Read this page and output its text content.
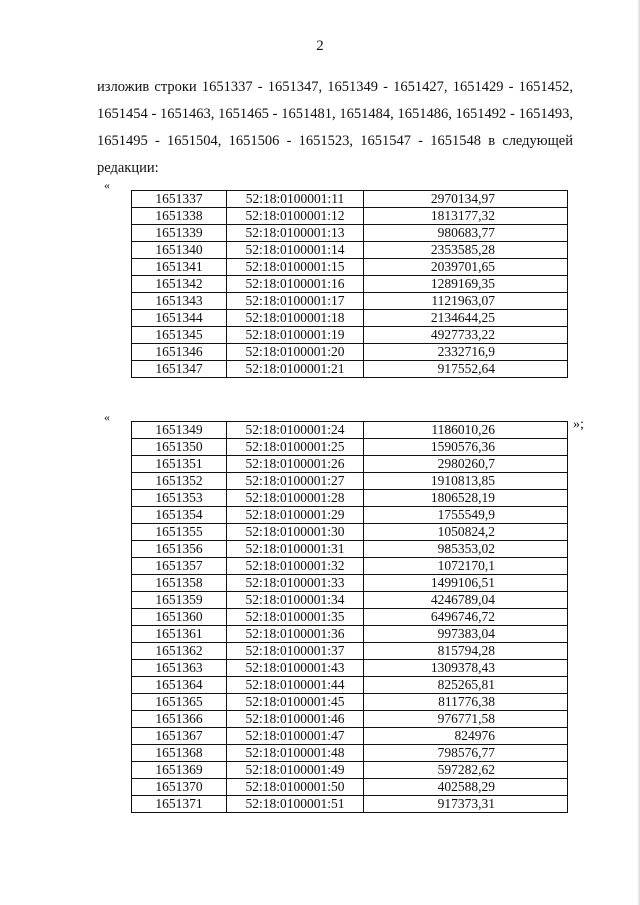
2
изложив строки 1651337 - 1651347, 1651349 - 1651427, 1651429 - 1651452,
1651454 - 1651463, 1651465 - 1651481, 1651484, 1651486, 1651492 - 1651493,
1651495 - 1651504, 1651506 - 1651523, 1651547 - 1651548 в следующей
редакции:
«
1651337	52:18:0100001:11	2970134,97
1651338	52:18:0100001:12	1813177,32
1651339	52:18:0100001:13	980683,77
1651340	52:18:0100001:14	2353585,28
1651341	52:18:0100001:15	2039701,65
1651342	52:18:0100001:16	1289169,35
1651343	52:18:0100001:17	1121963,07
1651344	52:18:0100001:18	2134644,25
1651345	52:18:0100001:19	4927733,22
1651346	52:18:0100001:20	2332716,9
1651347	52:18:0100001:21	917552,64
»;
«
1651349	52:18:0100001:24	1186010,26
1651350	52:18:0100001:25	1590576,36
1651351	52:18:0100001:26	2980260,7
1651352	52:18:0100001:27	1910813,85
1651353	52:18:0100001:28	1806528,19
1651354	52:18:0100001:29	1755549,9
1651355	52:18:0100001:30	1050824,2
1651356	52:18:0100001:31	985353,02
1651357	52:18:0100001:32	1072170,1
1651358	52:18:0100001:33	1499106,51
1651359	52:18:0100001:34	4246789,04
1651360	52:18:0100001:35	6496746,72
1651361	52:18:0100001:36	997383,04
1651362	52:18:0100001:37	815794,28
1651363	52:18:0100001:43	1309378,43
1651364	52:18:0100001:44	825265,81
1651365	52:18:0100001:45	811776,38
1651366	52:18:0100001:46	976771,58
1651367	52:18:0100001:47	824976
1651368	52:18:0100001:48	798576,77
1651369	52:18:0100001:49	597282,62
1651370	52:18:0100001:50	402588,29
1651371	52:18:0100001:51	917373,31
